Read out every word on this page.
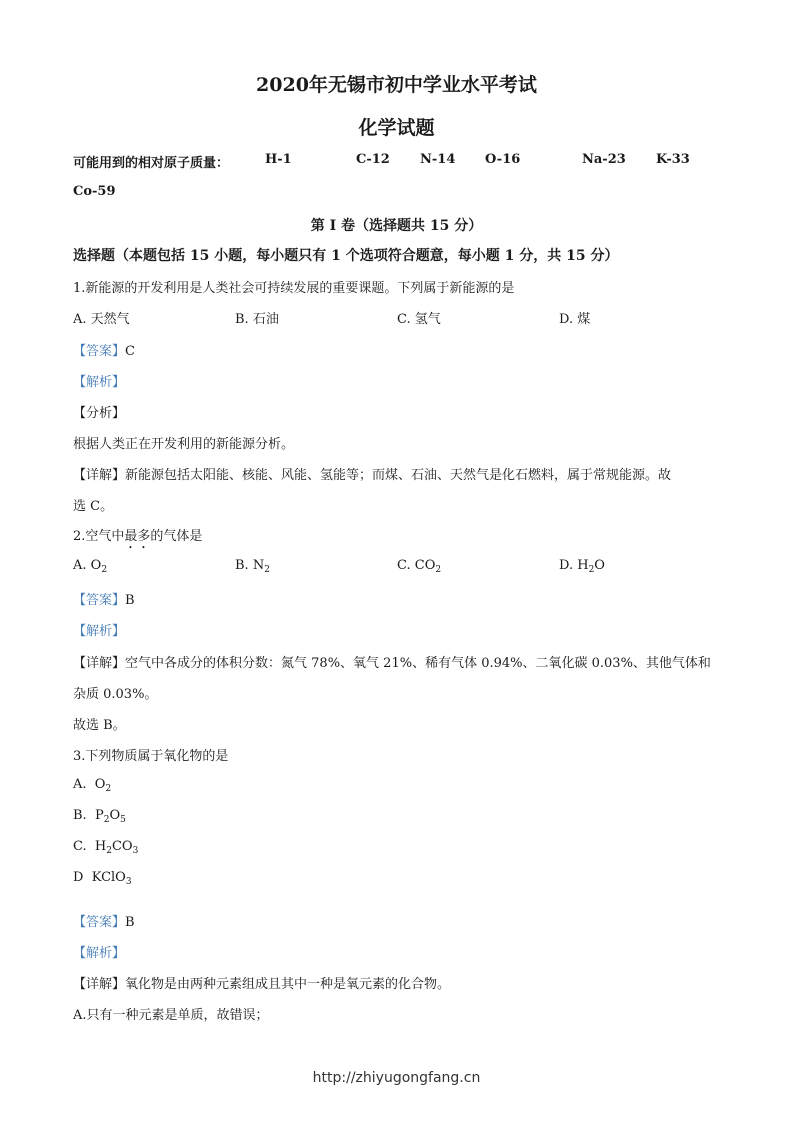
2020年无锡市初中学业水平考试
化学试题
可能用到的相对原子质量：	H-1	C-12 N-14 O-16	Na-23 K-33
Co-59
第 I 卷（选择题共 15 分）
选择题（本题包括 15 小题，每小题只有 1 个选项符合题意，每小题 1 分，共 15 分）
1.新能源的开发利用是人类社会可持续发展的重要课题。下列属于新能源的是
A. 天然气	B. 石油	C. 氢气	D. 煤
【答案】C
【解析】
【分析】
根据人类正在开发利用的新能源分析。
【详解】新能源包括太阳能、核能、风能、氢能等；而煤、石油、天然气是化石燃料，属于常规能源。故
选 C。
2.空气中最多的气体是
A. $O_2$	B. $N_2$	C. $CO_2$	D. $H_2O$
【答案】B
【解析】
【详解】空气中各成分的体积分数：氮气 78%、氧气 21%、稀有气体 0.94%、二氧化碳 0.03%、其他气体和
杂质 0.03%。
故选 B。
3.下列物质属于氧化物的是
A. $O_2$
B. $P_2O_5$
C. $H_2CO_3$
D KClO$_3$
【答案】B
【解析】
【详解】氧化物是由两种元素组成且其中一种是氧元素的化合物。
A.只有一种元素是单质，故错误；
http://zhiyugongfang.cn
